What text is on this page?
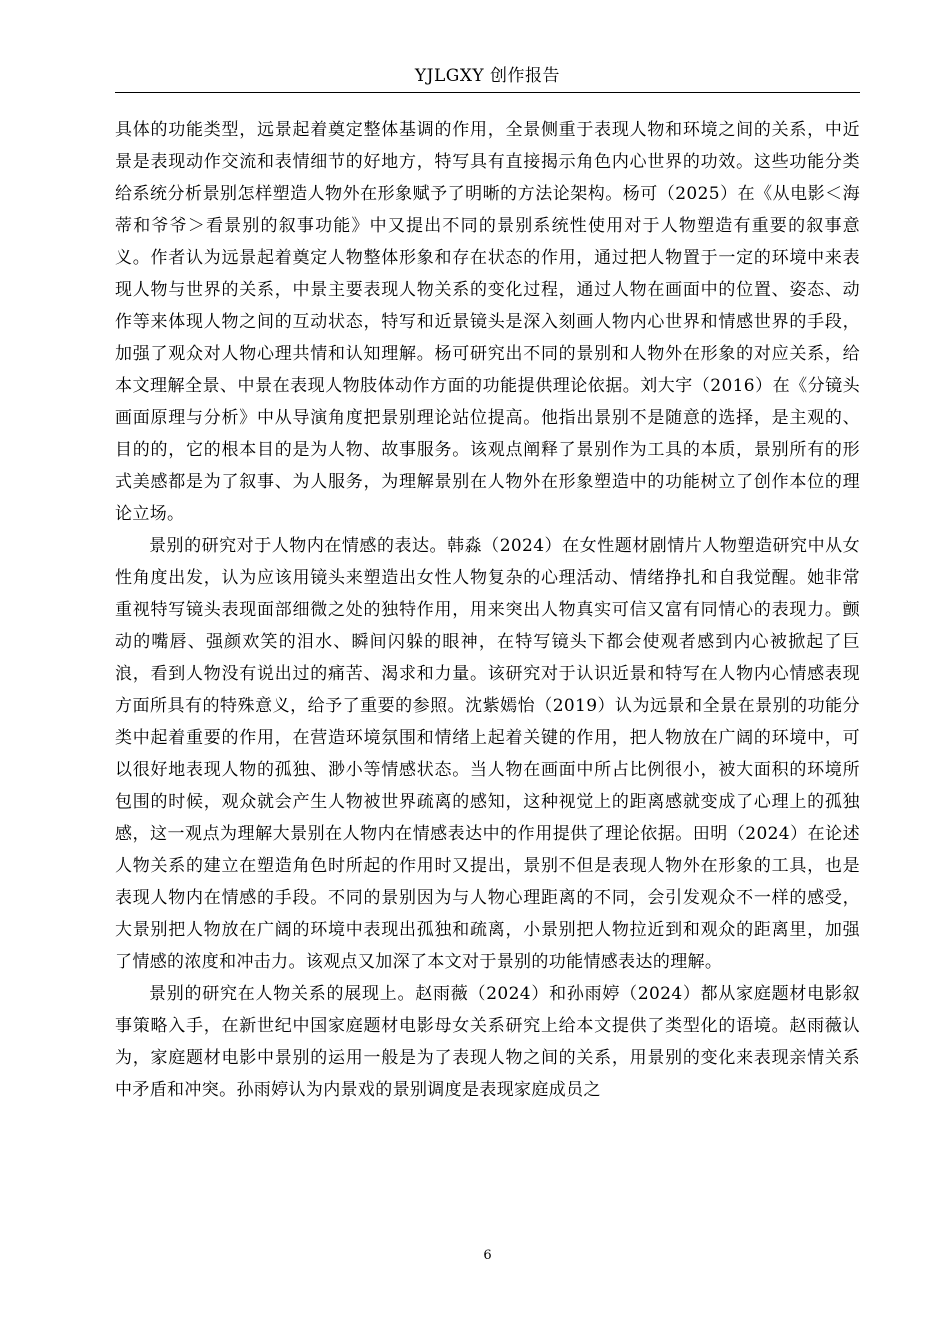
YJLGXY 创作报告

具体的功能类型，远景起着奠定整体基调的作用，全景侧重于表现人物和环境之间的关系，中近景是表现动作交流和表情细节的好地方，特写具有直接揭示角色内心世界的功效。这些功能分类给系统分析景别怎样塑造人物外在形象赋予了明晰的方法论架构。杨可（2025）在《从电影＜海蒂和爷爷＞看景别的叙事功能》中又提出不同的景别系统性使用对于人物塑造有重要的叙事意义。作者认为远景起着奠定人物整体形象和存在状态的作用，通过把人物置于一定的环境中来表现人物与世界的关系，中景主要表现人物关系的变化过程，通过人物在画面中的位置、姿态、动作等来体现人物之间的互动状态，特写和近景镜头是深入刻画人物内心世界和情感世界的手段，加强了观众对人物心理共情和认知理解。杨可研究出不同的景别和人物外在形象的对应关系，给本文理解全景、中景在表现人物肢体动作方面的功能提供理论依据。刘大宇（2016）在《分镜头画面原理与分析》中从导演角度把景别理论站位提高。他指出景别不是随意的选择，是主观的、目的的，它的根本目的是为人物、故事服务。该观点阐释了景别作为工具的本质，景别所有的形式美感都是为了叙事、为人服务，为理解景别在人物外在形象塑造中的功能树立了创作本位的理论立场。

景别的研究对于人物内在情感的表达。韩淼（2024）在女性题材剧情片人物塑造研究中从女性角度出发，认为应该用镜头来塑造出女性人物复杂的心理活动、情绪挣扎和自我觉醒。她非常重视特写镜头表现面部细微之处的独特作用，用来突出人物真实可信又富有同情心的表现力。颤动的嘴唇、强颜欢笑的泪水、瞬间闪躲的眼神，在特写镜头下都会使观者感到内心被掀起了巨浪，看到人物没有说出过的痛苦、渴求和力量。该研究对于认识近景和特写在人物内心情感表现方面所具有的特殊意义，给予了重要的参照。沈紫嫣怡（2019）认为远景和全景在景别的功能分类中起着重要的作用，在营造环境氛围和情绪上起着关键的作用，把人物放在广阔的环境中，可以很好地表现人物的孤独、渺小等情感状态。当人物在画面中所占比例很小，被大面积的环境所包围的时候，观众就会产生人物被世界疏离的感知，这种视觉上的距离感就变成了心理上的孤独感，这一观点为理解大景别在人物内在情感表达中的作用提供了理论依据。田明（2024）在论述人物关系的建立在塑造角色时所起的作用时又提出，景别不但是表现人物外在形象的工具，也是表现人物内在情感的手段。不同的景别因为与人物心理距离的不同，会引发观众不一样的感受，大景别把人物放在广阔的环境中表现出孤独和疏离，小景别把人物拉近到和观众的距离里，加强了情感的浓度和冲击力。该观点又加深了本文对于景别的功能情感表达的理解。

景别的研究在人物关系的展现上。赵雨薇（2024）和孙雨婷（2024）都从家庭题材电影叙事策略入手，在新世纪中国家庭题材电影母女关系研究上给本文提供了类型化的语境。赵雨薇认为，家庭题材电影中景别的运用一般是为了表现人物之间的关系，用景别的变化来表现亲情关系中矛盾和冲突。孙雨婷认为内景戏的景别调度是表现家庭成员之

6
